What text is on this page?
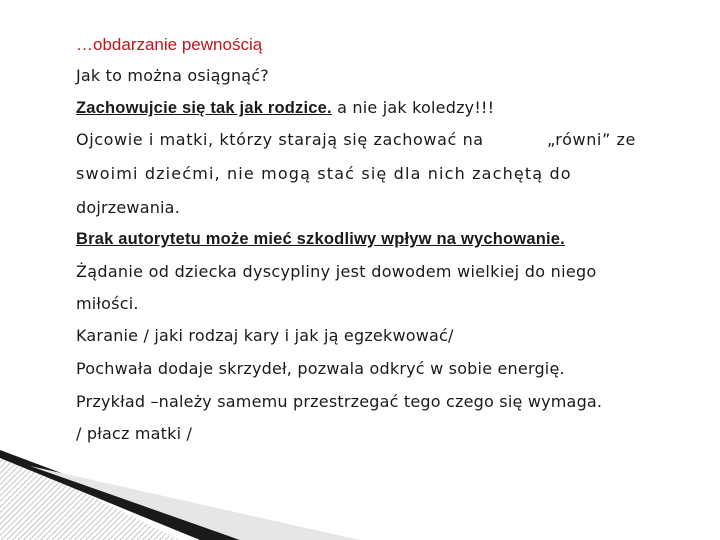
…obdarzanie pewnością
Jak to można osiągnąć?
Zachowujcie się tak jak rodzice. a nie jak koledzy!!!
Ojcowie i matki, którzy starają się zachować na	„równi” ze
swoimi dziećmi, nie mogą stać się dla nich zachętą do
dojrzewania.
Brak autorytetu może mieć szkodliwy wpływ na wychowanie.
Żądanie od dziecka dyscypliny jest dowodem wielkiej do niego
miłości.
Karanie / jaki rodzaj kary i jak ją egzekwować/
Pochwała dodaje skrzydeł, pozwala odkryć w sobie energię.
Przykład –należy samemu przestrzegać tego czego się wymaga.
/ płacz matki /
